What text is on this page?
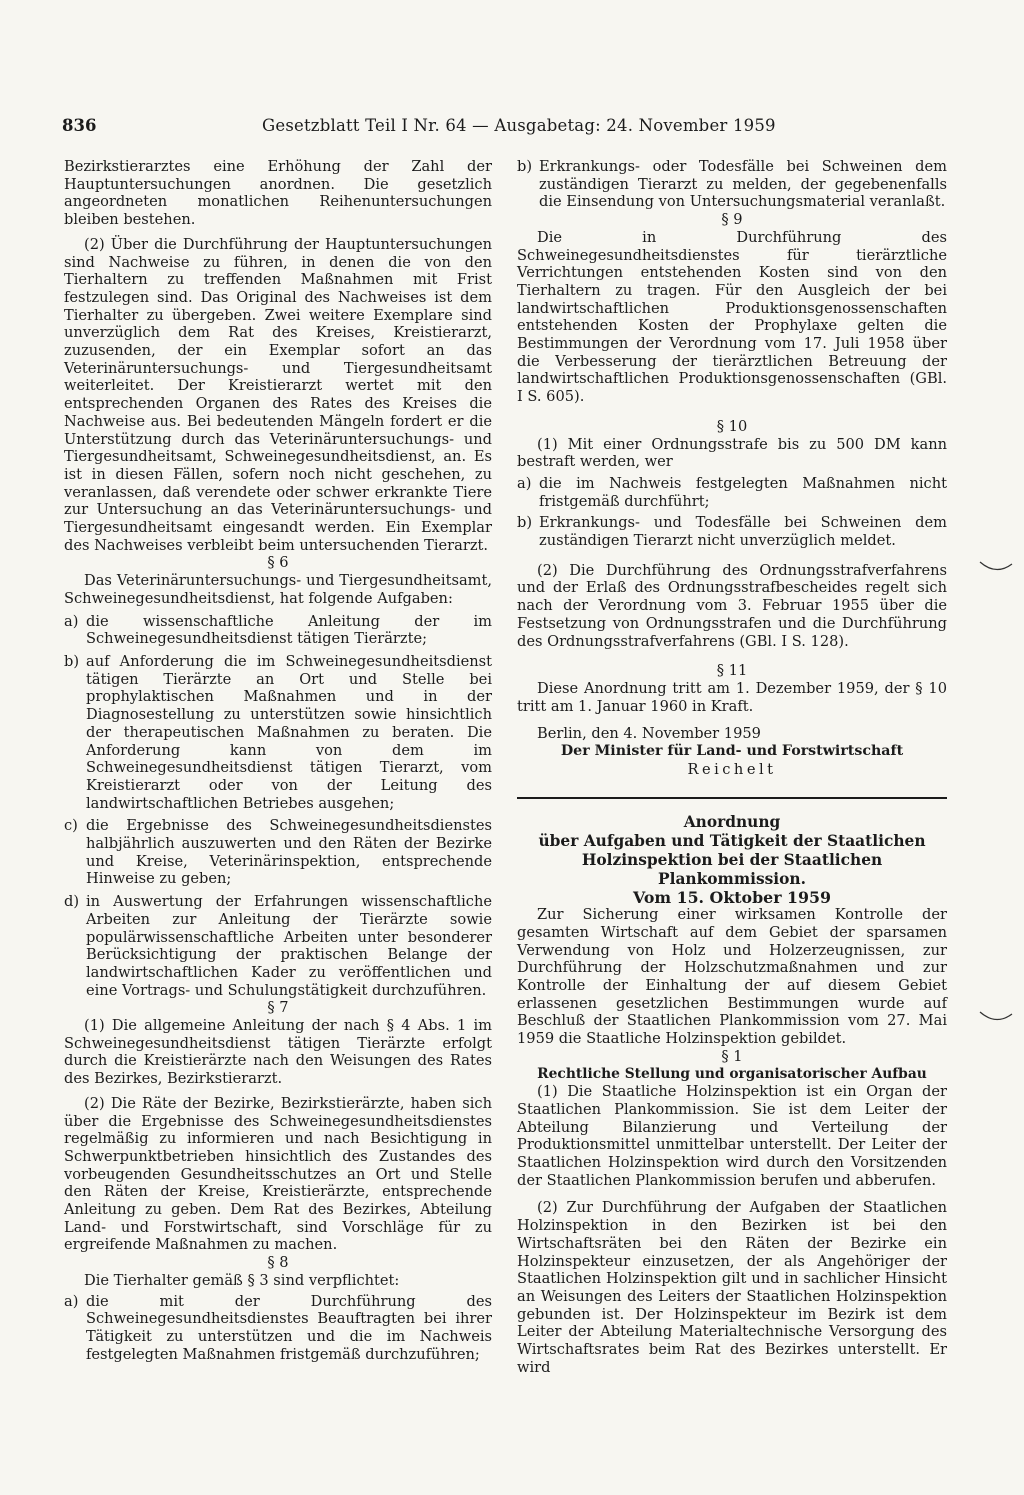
836	Gesetzblatt Teil I Nr. 64 — Ausgabetag: 24. November 1959

Bezirkstierarztes eine Erhöhung der Zahl der Hauptuntersuchungen anordnen. Die gesetzlich angeordneten monatlichen Reihenuntersuchungen bleiben bestehen.

(2) Über die Durchführung der Hauptuntersuchungen sind Nachweise zu führen, in denen die von den Tierhaltern zu treffenden Maßnahmen mit Frist festzulegen sind. Das Original des Nachweises ist dem Tierhalter zu übergeben. Zwei weitere Exemplare sind unverzüglich dem Rat des Kreises, Kreistierarzt, zuzusenden, der ein Exemplar sofort an das Veterinäruntersuchungs- und Tiergesundheitsamt weiterleitet. Der Kreistierarzt wertet mit den entsprechenden Organen des Rates des Kreises die Nachweise aus. Bei bedeutenden Mängeln fordert er die Unterstützung durch das Veterinäruntersuchungs- und Tiergesundheitsamt, Schweinegesundheitsdienst, an. Es ist in diesen Fällen, sofern noch nicht geschehen, zu veranlassen, daß verendete oder schwer erkrankte Tiere zur Untersuchung an das Veterinäruntersuchungs- und Tiergesundheitsamt eingesandt werden. Ein Exemplar des Nachweises verbleibt beim untersuchenden Tierarzt.

§ 6

Das Veterinäruntersuchungs- und Tiergesundheitsamt, Schweinegesundheitsdienst, hat folgende Aufgaben:

a) die wissenschaftliche Anleitung der im Schweinegesundheitsdienst tätigen Tierärzte;
b) auf Anforderung die im Schweinegesundheitsdienst tätigen Tierärzte an Ort und Stelle bei prophylaktischen Maßnahmen und in der Diagnosestellung zu unterstützen sowie hinsichtlich der therapeutischen Maßnahmen zu beraten. Die Anforderung kann von dem im Schweinegesundheitsdienst tätigen Tierarzt, vom Kreistierarzt oder von der Leitung des landwirtschaftlichen Betriebes ausgehen;
c) die Ergebnisse des Schweinegesundheitsdienstes halbjährlich auszuwerten und den Räten der Bezirke und Kreise, Veterinärinspektion, entsprechende Hinweise zu geben;
d) in Auswertung der Erfahrungen wissenschaftliche Arbeiten zur Anleitung der Tierärzte sowie populärwissenschaftliche Arbeiten unter besonderer Berücksichtigung der praktischen Belange der landwirtschaftlichen Kader zu veröffentlichen und eine Vortrags- und Schulungstätigkeit durchzuführen.

§ 7

(1) Die allgemeine Anleitung der nach § 4 Abs. 1 im Schweinegesundheitsdienst tätigen Tierärzte erfolgt durch die Kreistierärzte nach den Weisungen des Rates des Bezirkes, Bezirkstierarzt.

(2) Die Räte der Bezirke, Bezirkstierärzte, haben sich über die Ergebnisse des Schweinegesundheitsdienstes regelmäßig zu informieren und nach Besichtigung in Schwerpunktbetrieben hinsichtlich des Zustandes des vorbeugenden Gesundheitsschutzes an Ort und Stelle den Räten der Kreise, Kreistierärzte, entsprechende Anleitung zu geben. Dem Rat des Bezirkes, Abteilung Land- und Forstwirtschaft, sind Vorschläge für zu ergreifende Maßnahmen zu machen.

§ 8

Die Tierhalter gemäß § 3 sind verpflichtet:

a) die mit der Durchführung des Schweinegesundheitsdienstes Beauftragten bei ihrer Tätigkeit zu unterstützen und die im Nachweis festgelegten Maßnahmen fristgemäß durchzuführen;
b) Erkrankungs- oder Todesfälle bei Schweinen dem zuständigen Tierarzt zu melden, der gegebenenfalls die Einsendung von Untersuchungsmaterial veranlaßt.

§ 9

Die in Durchführung des Schweinegesundheitsdienstes für tierärztliche Verrichtungen entstehenden Kosten sind von den Tierhaltern zu tragen. Für den Ausgleich der bei landwirtschaftlichen Produktionsgenossenschaften entstehenden Kosten der Prophylaxe gelten die Bestimmungen der Verordnung vom 17. Juli 1958 über die Verbesserung der tierärztlichen Betreuung der landwirtschaftlichen Produktionsgenossenschaften (GBl. I S. 605).

§ 10

(1) Mit einer Ordnungsstrafe bis zu 500 DM kann bestraft werden, wer

a) die im Nachweis festgelegten Maßnahmen nicht fristgemäß durchführt;
b) Erkrankungs- und Todesfälle bei Schweinen dem zuständigen Tierarzt nicht unverzüglich meldet.

(2) Die Durchführung des Ordnungsstrafverfahrens und der Erlaß des Ordnungsstrafbescheides regelt sich nach der Verordnung vom 3. Februar 1955 über die Festsetzung von Ordnungsstrafen und die Durchführung des Ordnungsstrafverfahrens (GBl. I S. 128).

§ 11

Diese Anordnung tritt am 1. Dezember 1959, der § 10 tritt am 1. Januar 1960 in Kraft.

Berlin, den 4. November 1959

Der Minister für Land- und Forstwirtschaft

Reichelt

Anordnung

über Aufgaben und Tätigkeit der Staatlichen

Holzinspektion bei der Staatlichen Plankommission.

Vom 15. Oktober 1959

Zur Sicherung einer wirksamen Kontrolle der gesamten Wirtschaft auf dem Gebiet der sparsamen Verwendung von Holz und Holzerzeugnissen, zur Durchführung der Holzschutzmaßnahmen und zur Kontrolle der Einhaltung der auf diesem Gebiet erlassenen gesetzlichen Bestimmungen wurde auf Beschluß der Staatlichen Plankommission vom 27. Mai 1959 die Staatliche Holzinspektion gebildet.

§ 1

Rechtliche Stellung und organisatorischer Aufbau

(1) Die Staatliche Holzinspektion ist ein Organ der Staatlichen Plankommission. Sie ist dem Leiter der Abteilung Bilanzierung und Verteilung der Produktionsmittel unmittelbar unterstellt. Der Leiter der Staatlichen Holzinspektion wird durch den Vorsitzenden der Staatlichen Plankommission berufen und abberufen.

(2) Zur Durchführung der Aufgaben der Staatlichen Holzinspektion in den Bezirken ist bei den Wirtschaftsräten bei den Räten der Bezirke ein Holzinspekteur einzusetzen, der als Angehöriger der Staatlichen Holzinspektion gilt und in sachlicher Hinsicht an Weisungen des Leiters der Staatlichen Holzinspektion gebunden ist. Der Holzinspekteur im Bezirk ist dem Leiter der Abteilung Materialtechnische Versorgung des Wirtschaftsrates beim Rat des Bezirkes unterstellt. Er wird
